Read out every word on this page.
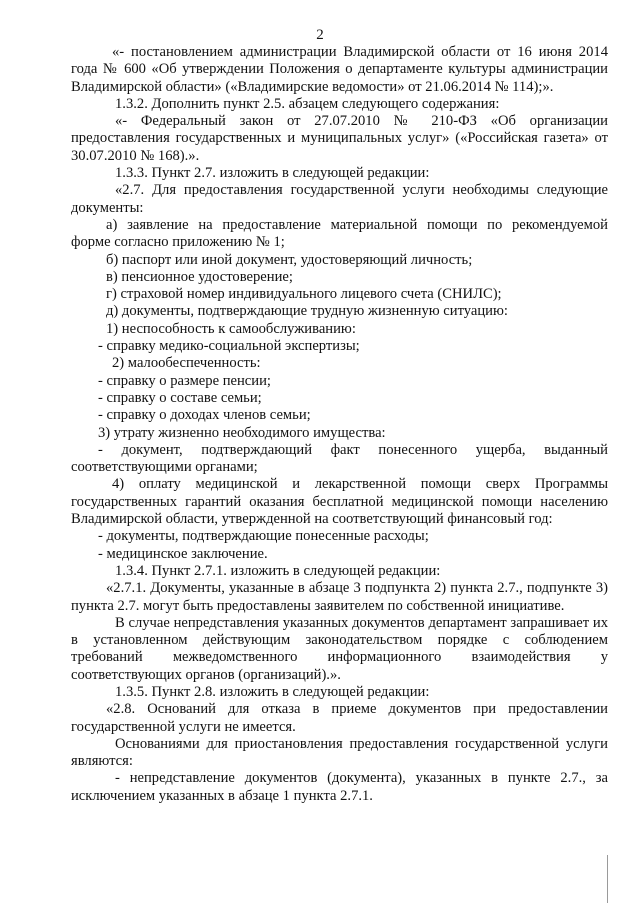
2

«- постановлением администрации Владимирской области от 16 июня 2014 года № 600 «Об утверждении Положения о департаменте культуры администрации Владимирской области» («Владимирские ведомости» от 21.06.2014 № 114);».

1.3.2. Дополнить пункт 2.5. абзацем следующего содержания:

«- Федеральный закон от 27.07.2010 № 210-ФЗ «Об организации предоставления государственных и муниципальных услуг» («Российская газета» от 30.07.2010 № 168).».

1.3.3. Пункт 2.7. изложить в следующей редакции:

«2.7. Для предоставления государственной услуги необходимы следующие документы:

а) заявление на предоставление материальной помощи по рекомендуемой форме согласно приложению № 1;

б) паспорт или иной документ, удостоверяющий личность;

в) пенсионное удостоверение;

г) страховой номер индивидуального лицевого счета (СНИЛС);

д) документы, подтверждающие трудную жизненную ситуацию:

1) неспособность к самообслуживанию:

- справку медико-социальной экспертизы;

2) малообеспеченность:

- справку о размере пенсии;

- справку о составе семьи;

- справку о доходах членов семьи;

3) утрату жизненно необходимого имущества:

- документ, подтверждающий факт понесенного ущерба, выданный соответствующими органами;

4) оплату медицинской и лекарственной помощи сверх Программы государственных гарантий оказания бесплатной медицинской помощи населению Владимирской области, утвержденной на соответствующий финансовый год:

- документы, подтверждающие понесенные расходы;

- медицинское заключение.

1.3.4. Пункт 2.7.1. изложить в следующей редакции:

«2.7.1. Документы, указанные в абзаце 3 подпункта 2) пункта 2.7., подпункте 3) пункта 2.7. могут быть предоставлены заявителем по собственной инициативе.

В случае непредставления указанных документов департамент запрашивает их в установленном действующим законодательством порядке с соблюдением требований межведомственного информационного взаимодействия у соответствующих органов (организаций).».

1.3.5. Пункт 2.8. изложить в следующей редакции:

«2.8. Оснований для отказа в приеме документов при предоставлении государственной услуги не имеется.

Основаниями для приостановления предоставления государственной услуги являются:

- непредставление документов (документа), указанных в пункте 2.7., за исключением указанных в абзаце 1 пункта 2.7.1.
